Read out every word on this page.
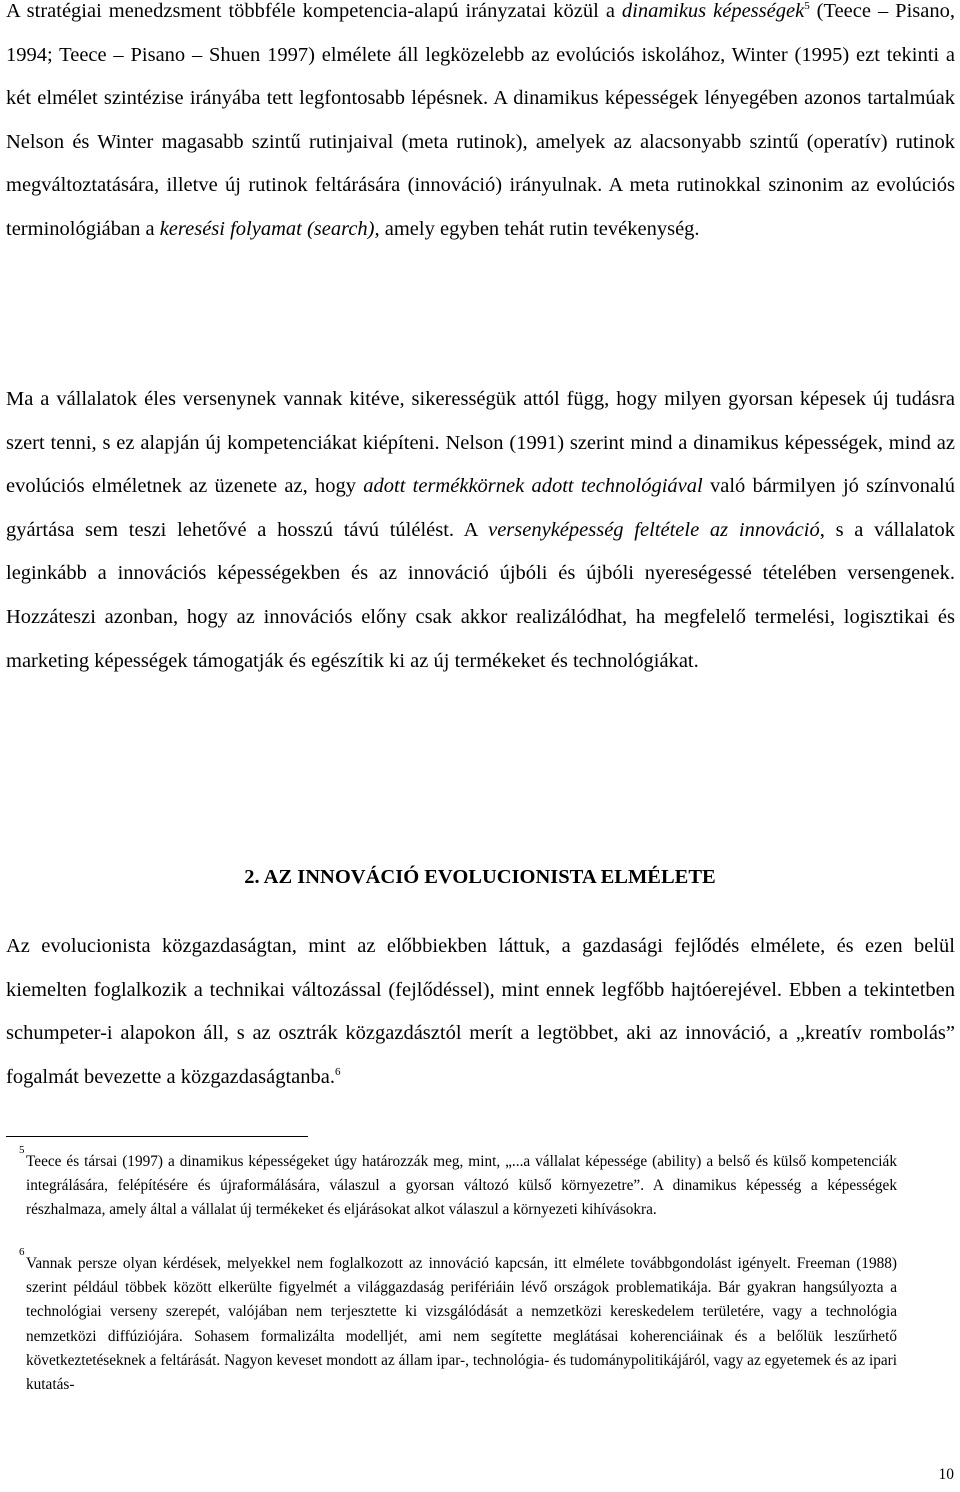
A stratégiai menedzsment többféle kompetencia-alapú irányzatai közül a dinamikus képességek$^5$ (Teece – Pisano, 1994; Teece – Pisano – Shuen 1997) elmélete áll legközelebb az evolúciós iskolához, Winter (1995) ezt tekinti a két elmélet szintézise irányába tett legfontosabb lépésnek. A dinamikus képességek lényegében azonos tartalmúak Nelson és Winter magasabb szintű rutinjaival (meta rutinok), amelyek az alacsonyabb szintű (operatív) rutinok megváltoztatására, illetve új rutinok feltárására (innováció) irányulnak. A meta rutinokkal szinonim az evolúciós terminológiában a keresési folyamat (search), amely egyben tehát rutin tevékenység.

Ma a vállalatok éles versenynek vannak kitéve, sikerességük attól függ, hogy milyen gyorsan képesek új tudásra szert tenni, s ez alapján új kompetenciákat kiépíteni. Nelson (1991) szerint mind a dinamikus képességek, mind az evolúciós elméletnek az üzenete az, hogy adott termékkörnek adott technológiával való bármilyen jó színvonalú gyártása sem teszi lehetővé a hosszú távú túlélést. A versenyképesség feltétele az innováció, s a vállalatok leginkább a innovációs képességekben és az innováció újbóli és újbóli nyereségessé tételében versengenek. Hozzáteszi azonban, hogy az innovációs előny csak akkor realizálódhat, ha megfelelő termelési, logisztikai és marketing képességek támogatják és egészítik ki az új termékeket és technológiákat.

2. AZ INNOVÁCIÓ EVOLUCIONISTA ELMÉLETE

Az evolucionista közgazdaságtan, mint az előbbiekben láttuk, a gazdasági fejlődés elmélete, és ezen belül kiemelten foglalkozik a technikai változással (fejlődéssel), mint ennek legfőbb hajtóerejével. Ebben a tekintetben schumpeter-i alapokon áll, s az osztrák közgazdásztól merít a legtöbbet, aki az innováció, a „kreatív rombolás” fogalmát bevezette a közgazdaságtanba.$^6$

5
Teece és társai (1997) a dinamikus képességeket úgy határozzák meg, mint, „...a vállalat képessége (ability) a belső és külső kompetenciák integrálására, felépítésére és újraformálására, válaszul a gyorsan változó külső környezetre”. A dinamikus képesség a képességek részhalmaza, amely által a vállalat új termékeket és eljárásokat alkot válaszul a környezeti kihívásokra.

6
Vannak persze olyan kérdések, melyekkel nem foglalkozott az innováció kapcsán, itt elmélete továbbgondolást igényelt. Freeman (1988) szerint például többek között elkerülte figyelmét a világgazdaság perifériáin lévő országok problematikája. Bár gyakran hangsúlyozta a technológiai verseny szerepét, valójában nem terjesztette ki vizsgálódását a nemzetközi kereskedelem területére, vagy a technológia nemzetközi diffúziójára. Sohasem formalizálta modelljét, ami nem segítette meglátásai koherenciáinak és a belőlük leszűrhető következtetéseknek a feltárását. Nagyon keveset mondott az állam ipar-, technológia- és tudománypolitikájáról, vagy az egyetemek és az ipari kutatás-

10
